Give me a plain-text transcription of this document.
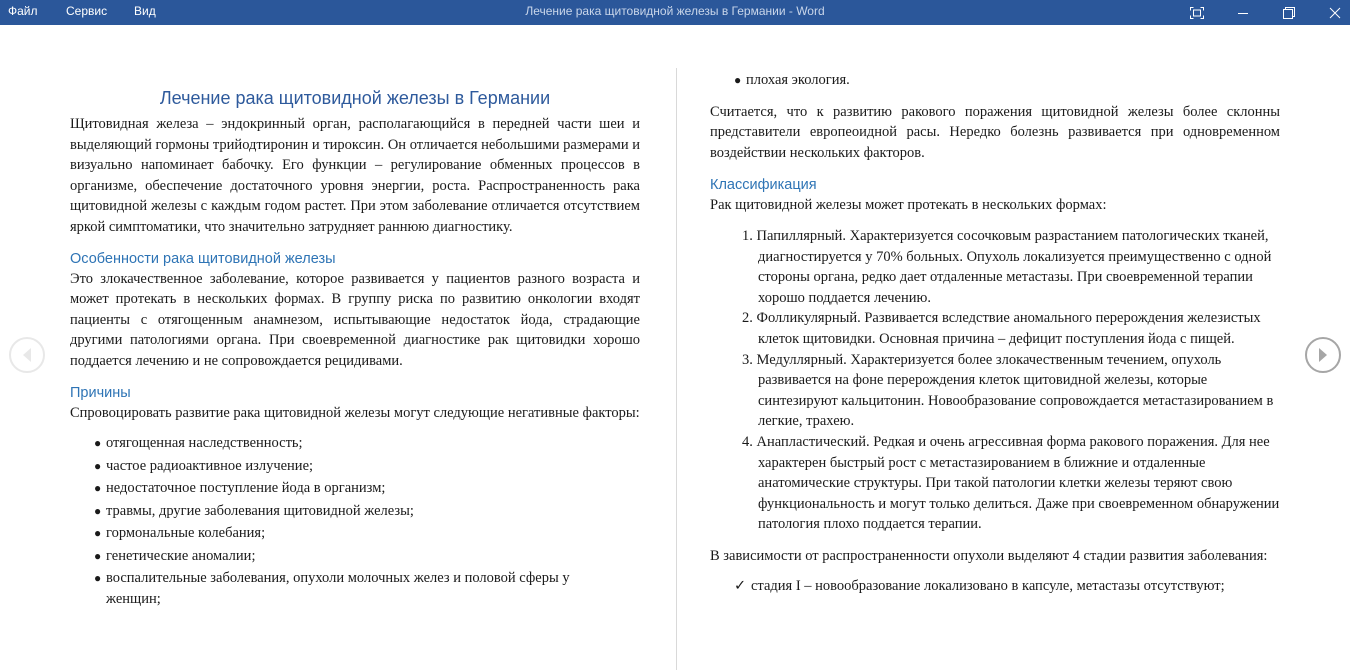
Файл Сервис Вид	Лечение рака щитовидной железы в Германии - Word
Лечение рака щитовидной железы в Германии

Щитовидная железа – эндокринный орган, располагающийся в передней части шеи и выделяющий гормоны трийодтиронин и тироксин. Он отличается небольшими размерами и визуально напоминает бабочку. Его функции – регулирование обменных процессов в организме, обеспечение достаточного уровня энергии, роста. Распространенность рака щитовидной железы с каждым годом растет. При этом заболевание отличается отсутствием яркой симптоматики, что значительно затрудняет раннюю диагностику.

Особенности рака щитовидной железы

Это злокачественное заболевание, которое развивается у пациентов разного возраста и может протекать в нескольких формах. В группу риска по развитию онкологии входят пациенты с отягощенным анамнезом, испытывающие недостаток йода, страдающие другими патологиями органа. При своевременной диагностике рак щитовидки хорошо поддается лечению и не сопровождается рецидивами.

Причины

Спровоцировать развитие рака щитовидной железы могут следующие негативные факторы:

● отягощенная наследственность;
● частое радиоактивное излучение;
● недостаточное поступление йода в организм;
● травмы, другие заболевания щитовидной железы;
● гормональные колебания;
● генетические аномалии;
● воспалительные заболевания, опухоли молочных желез и половой сферы у женщин;
● плохая экология.

Считается, что к развитию ракового поражения щитовидной железы более склонны представители европеоидной расы. Нередко болезнь развивается при одновременном воздействии нескольких факторов.

Классификация

Рак щитовидной железы может протекать в нескольких формах:

1. Папиллярный. Характеризуется сосочковым разрастанием патологических тканей, диагностируется у 70% больных. Опухоль локализуется преимущественно с одной стороны органа, редко дает отдаленные метастазы. При своевременной терапии хорошо поддается лечению.
2. Фолликулярный. Развивается вследствие аномального перерождения железистых клеток щитовидки. Основная причина – дефицит поступления йода с пищей.
3. Медуллярный. Характеризуется более злокачественным течением, опухоль развивается на фоне перерождения клеток щитовидной железы, которые синтезируют кальцитонин. Новообразование сопровождается метастазированием в легкие, трахею.
4. Анапластический. Редкая и очень агрессивная форма ракового поражения. Для нее характерен быстрый рост с метастазированием в ближние и отдаленные анатомические структуры. При такой патологии клетки железы теряют свою функциональность и могут только делиться. Даже при своевременном обнаружении патология плохо поддается терапии.

В зависимости от распространенности опухоли выделяют 4 стадии развития заболевания:

✓ стадия I – новообразование локализовано в капсуле, метастазы отсутствуют;
